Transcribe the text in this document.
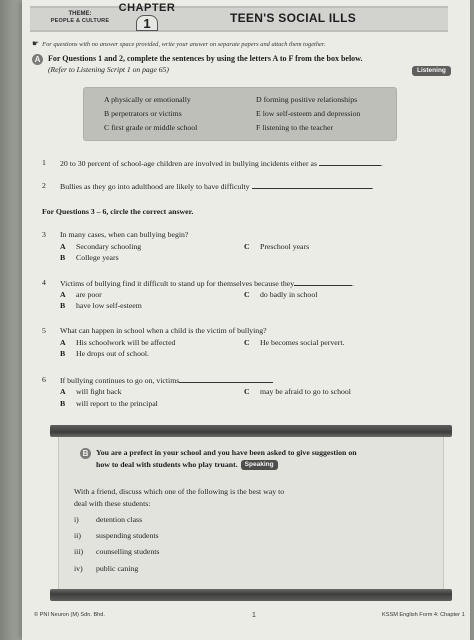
THEME:
PEOPLE & CULTURE
CHAPTER
1	TEEN'S SOCIAL ILLS
☛ For questions with no answer space provided, write your answer on separate papers and attach them together.
A For Questions 1 and 2, complete the sentences by using the letters A to F from the box below.
(Refer to Listening Script 1 on page 65)	Listening
A physically or emotionally
B perpetrators or victims
C first grade or middle school
D forming positive relationships
E low self-esteem and depression
F listening to the teacher
1 20 to 30 percent of school-age children are involved in bullying incidents either as	.
2 Bullies as they go into adulthood are likely to have difficulty	.
For Questions 3 – 6, circle the correct answer.
3 In many cases, when can bullying begin?
A Secondary schooling
B College years
C Preschool years
4 Victims of bullying find it difficult to stand up for themselves because they	.
A are poor
B have low self-esteem
C do badly in school
5 What can happen in school when a child is the victim of bullying?
A His schoolwork will be affected
B He drops out of school.
C He becomes social pervert.
6 If bullying continues to go on, victims
A will fight back
B will report to the principal
C may be afraid to go to school
B You are a prefect in your school and you have been asked to give suggestion on
how to deal with students who play truant. Speaking
With a friend, discuss which one of the following is the best way to
deal with these students:
i) detention class
ii) suspending students
iii) counselling students
iv) public caning
© PNI Neuron (M) Sdn. Bhd.	1	KSSM English Form 4: Chapter 1
